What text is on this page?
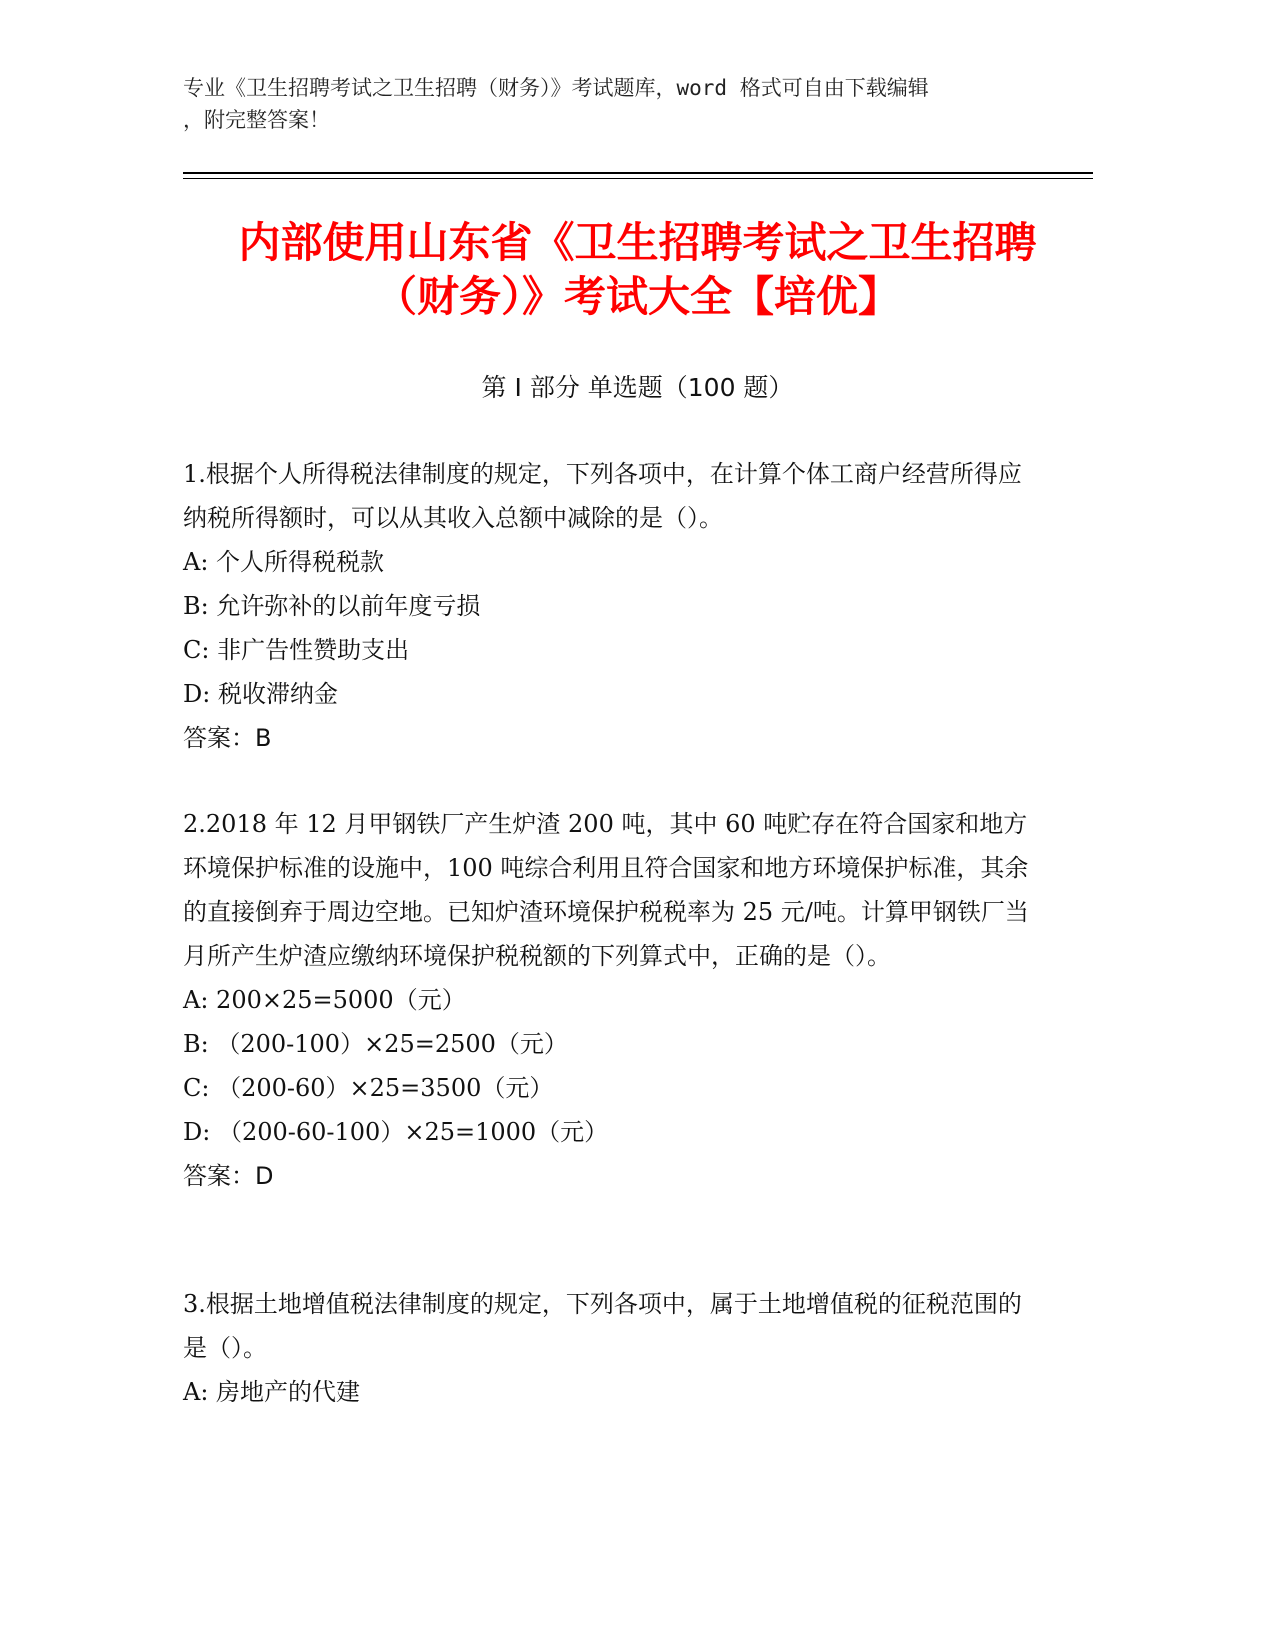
专业《卫生招聘考试之卫生招聘（财务）》考试题库，word 格式可自由下载编辑
，附完整答案！
内部使用山东省《卫生招聘考试之卫生招聘
（财务）》考试大全【培优】
第 I 部分 单选题（100 题）

1.根据个人所得税法律制度的规定，下列各项中，在计算个体工商户经营所得应纳税所得额时，可以从其收入总额中减除的是（）。

A: 个人所得税税款

B: 允许弥补的以前年度亏损

C: 非广告性赞助支出

D: 税收滞纳金

答案：B

2.2018 年 12 月甲钢铁厂产生炉渣 200 吨，其中 60 吨贮存在符合国家和地方环境保护标准的设施中，100 吨综合利用且符合国家和地方环境保护标准，其余的直接倒弃于周边空地。已知炉渣环境保护税税率为 25 元/吨。计算甲钢铁厂当月所产生炉渣应缴纳环境保护税税额的下列算式中，正确的是（）。

A: 200×25=5000（元）

B: （200-100）×25=2500（元）

C: （200-60）×25=3500（元）

D: （200-60-100）×25=1000（元）

答案：D

3.根据土地增值税法律制度的规定，下列各项中，属于土地增值税的征税范围的是（）。

A: 房地产的代建
